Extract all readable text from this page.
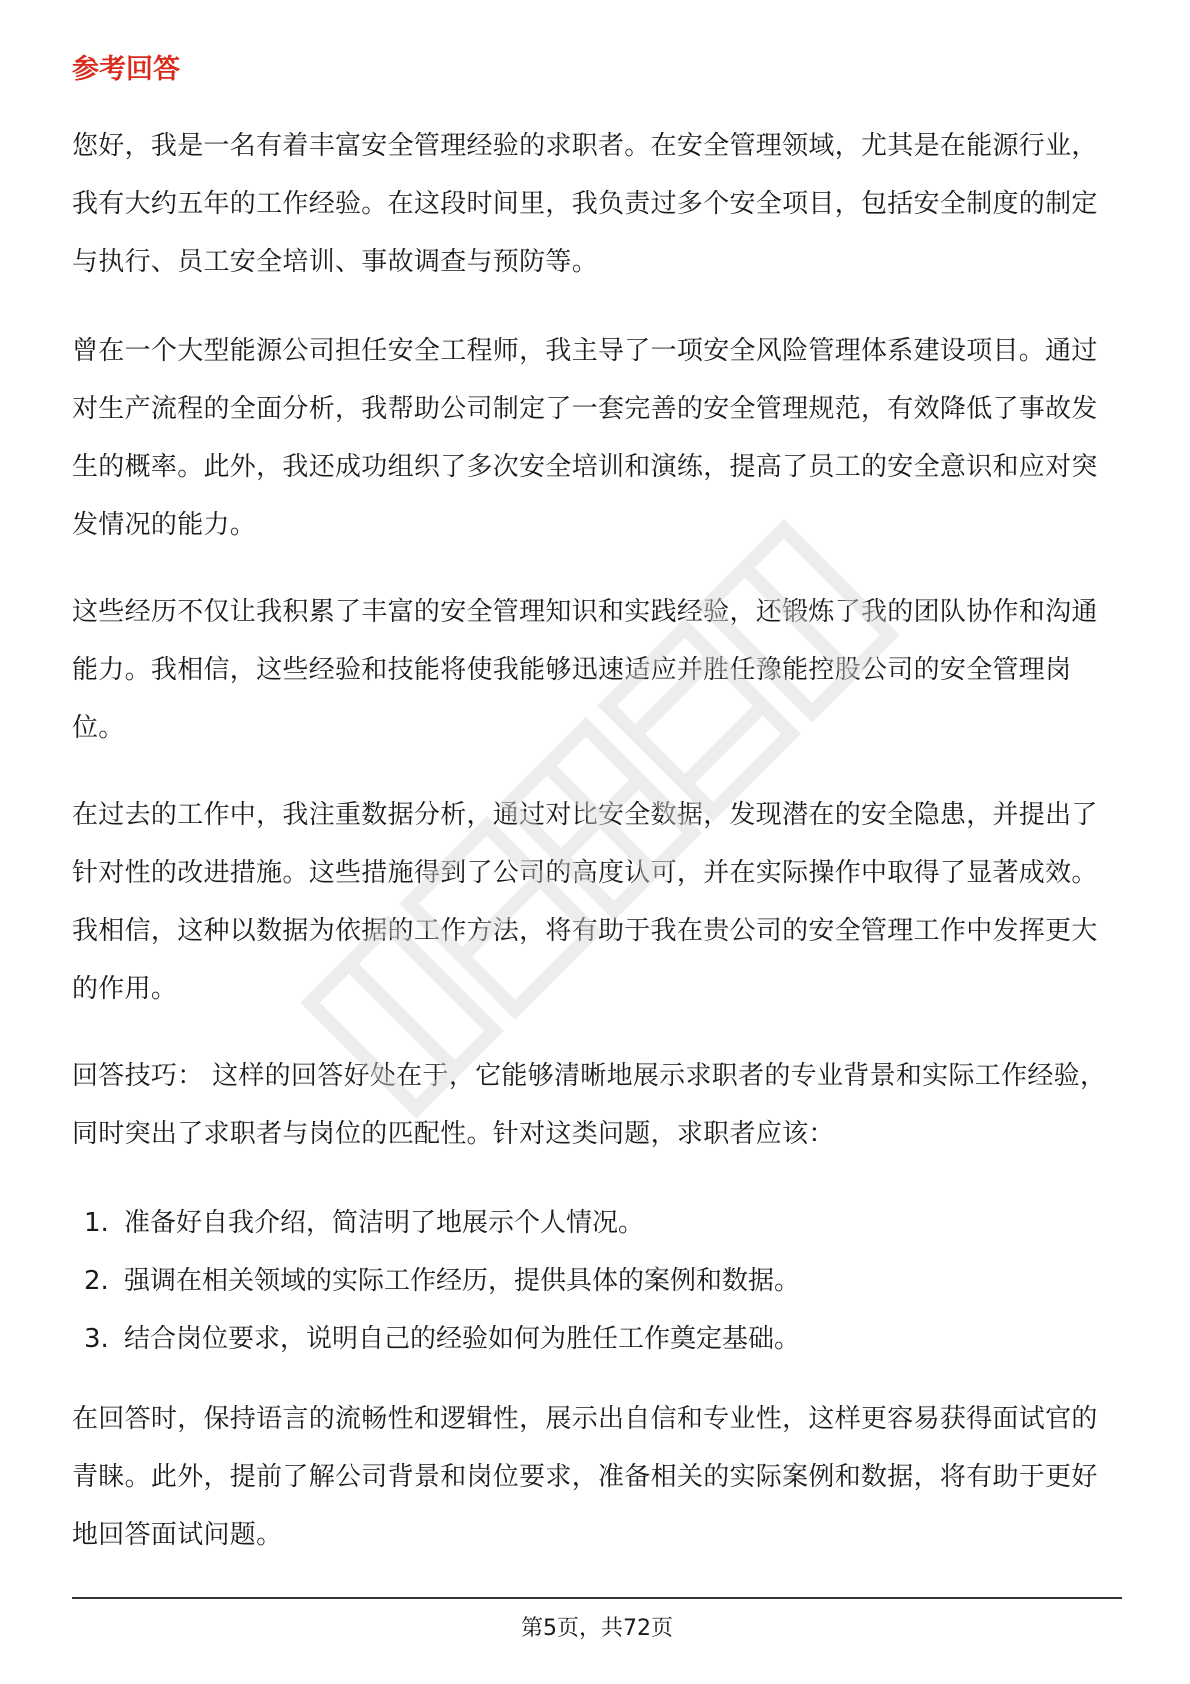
参考回答

您好，我是一名有着丰富安全管理经验的求职者。在安全管理领域，尤其是在能源行业，我有大约五年的工作经验。在这段时间里，我负责过多个安全项目，包括安全制度的制定与执行、员工安全培训、事故调查与预防等。

曾在一个大型能源公司担任安全工程师，我主导了一项安全风险管理体系建设项目。通过对生产流程的全面分析，我帮助公司制定了一套完善的安全管理规范，有效降低了事故发生的概率。此外，我还成功组织了多次安全培训和演练，提高了员工的安全意识和应对突发情况的能力。

这些经历不仅让我积累了丰富的安全管理知识和实践经验，还锻炼了我的团队协作和沟通能力。我相信，这些经验和技能将使我能够迅速适应并胜任豫能控股公司的安全管理岗位。

在过去的工作中，我注重数据分析，通过对比安全数据，发现潜在的安全隐患，并提出了针对性的改进措施。这些措施得到了公司的高度认可，并在实际操作中取得了显著成效。我相信，这种以数据为依据的工作方法，将有助于我在贵公司的安全管理工作中发挥更大的作用。

回答技巧： 这样的回答好处在于，它能够清晰地展示求职者的专业背景和实际工作经验，同时突出了求职者与岗位的匹配性。针对这类问题，求职者应该：

1. 准备好自我介绍，简洁明了地展示个人情况。
2. 强调在相关领域的实际工作经历，提供具体的案例和数据。
3. 结合岗位要求，说明自己的经验如何为胜任工作奠定基础。

在回答时，保持语言的流畅性和逻辑性，展示出自信和专业性，这样更容易获得面试官的青睐。此外，提前了解公司背景和岗位要求，准备相关的实际案例和数据，将有助于更好地回答面试问题。

第5页，共72页
